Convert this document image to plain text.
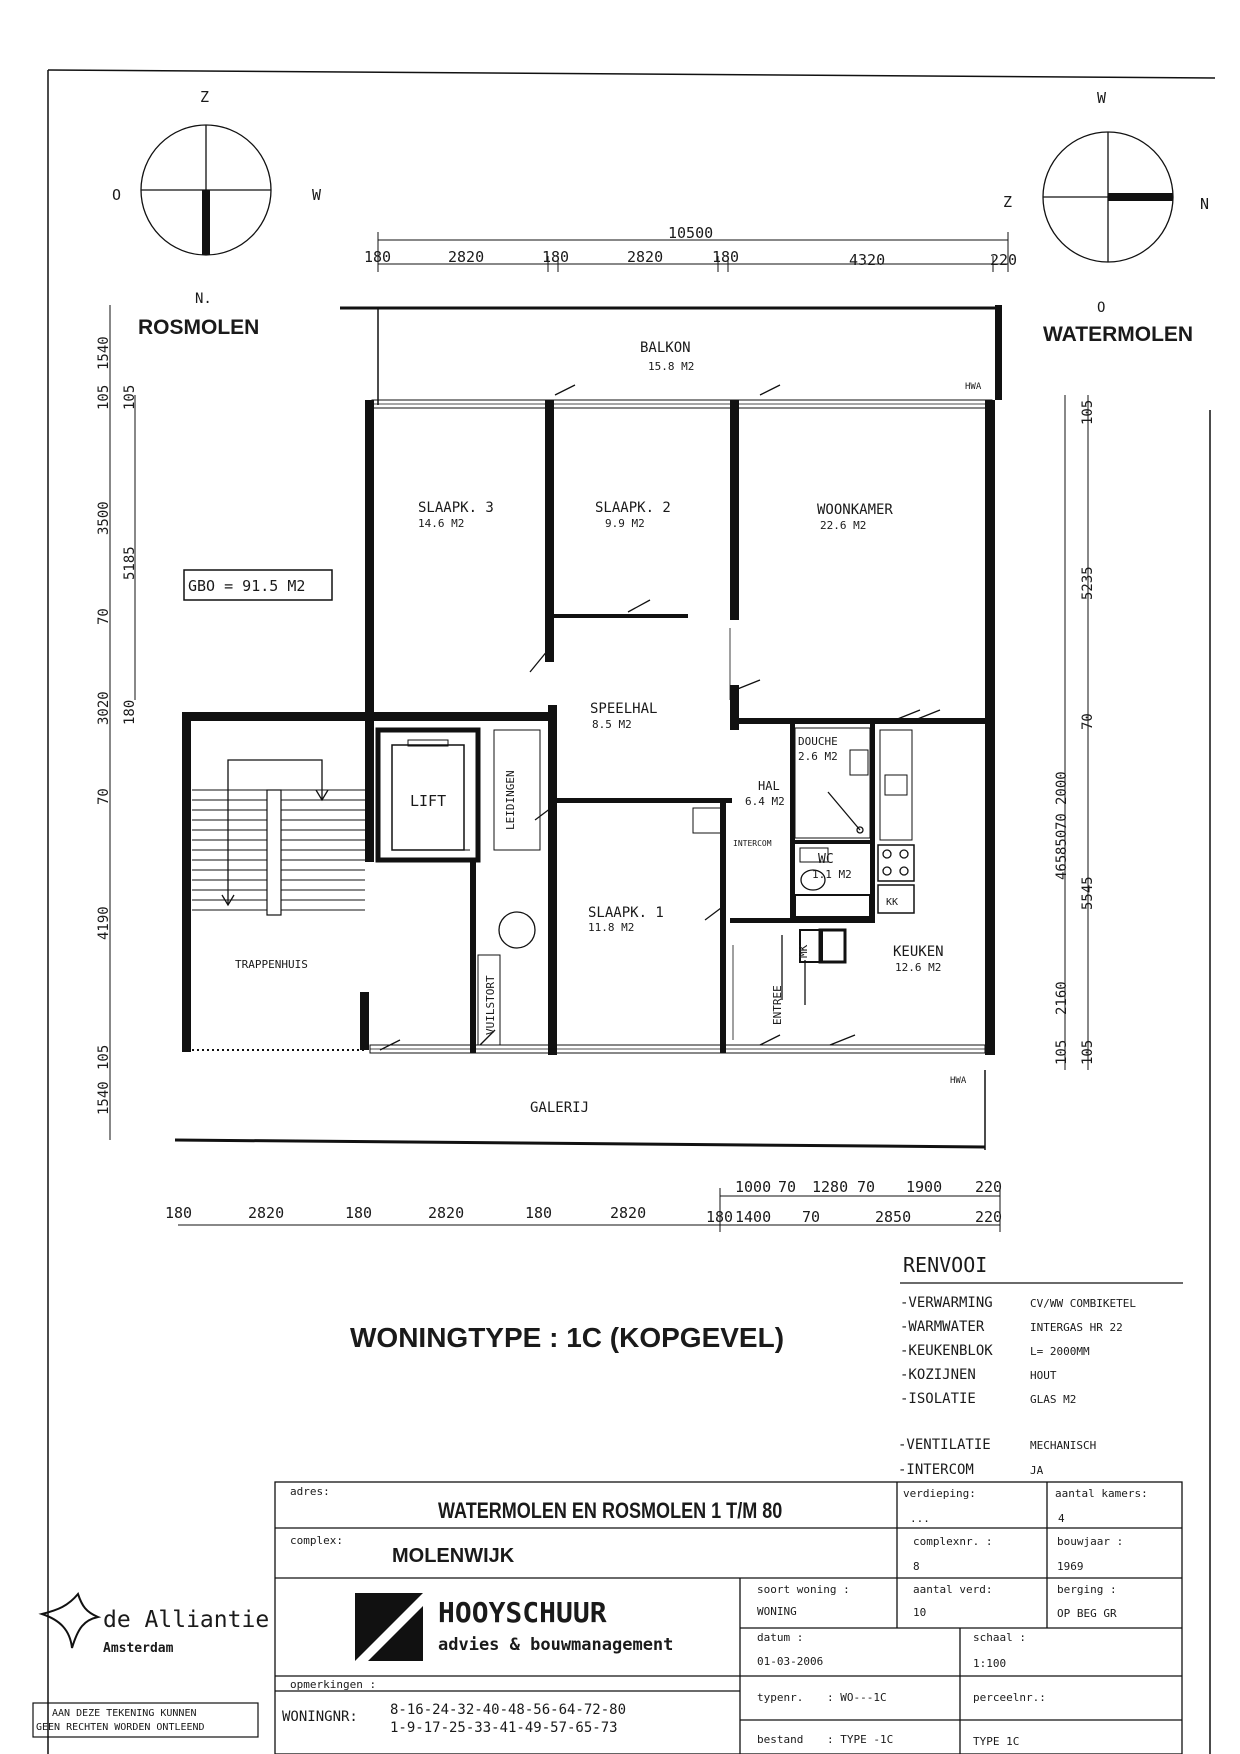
Z
O	W
N.
ROSMOLEN
W
Z	N
O
WATERMOLEN
10500
180	2820	180	2820	180	4320	220
1540
105 105
3500
5185
70
3020 180
70
4190
105
1540
105
5235
70
2000
465
850
70
5545
2160
105 105
180	2820	180	2820	180	2820
1000 70 1280 70 1900 220
180 1400 70	2850	220
BALKON
15.8 M2
SLAAPK. 3
14.6 M2
SLAAPK. 2
9.9 M2
WOONKAMER
22.6 M2
SPEELHAL
8.5 M2
HAL
6.4 M2
DOUCHE
2.6 M2
WC
1.1 M2
SLAAPK. 1
11.8 M2
KEUKEN
12.6 M2
GALERIJ
TRAPPENHUIS
LIFT	LEIDINGEN
VUILSTORT	ENTREE
HWA
HWA
INTERCOM
KK
MK
GBO = 91.5 M2
WONINGTYPE : 1C (KOPGEVEL)
RENVOOI
-VERWARMING	CV/WW COMBIKETEL
-WARMWATER	INTERGAS HR 22
-KEUKENBLOK	L= 2000MM
-KOZIJNEN	HOUT
-ISOLATIE	GLAS M2
-VENTILATIE	MECHANISCH
-INTERCOM	JA
adres:
WATERMOLEN EN ROSMOLEN 1 T/M 80
verdieping:
...
aantal kamers:
4
complex:
MOLENWIJK
complexnr. :
8
bouwjaar :
1969
soort woning :
WONING
aantal verd:
10
berging :
OP BEG GR
datum :
01-03-2006
schaal :
1:100
opmerkingen :
WONINGNR: 8-16-24-32-40-48-56-64-72-80
1-9-17-25-33-41-49-57-65-73
typenr. : WO---1C	perceelnr.:
bestand : TYPE -1C	TYPE 1C
HOOYSCHUUR
advies & bouwmanagement
de Alliantie
Amsterdam
AAN DEZE TEKENING KUNNEN
GEEN RECHTEN WORDEN ONTLEEND
